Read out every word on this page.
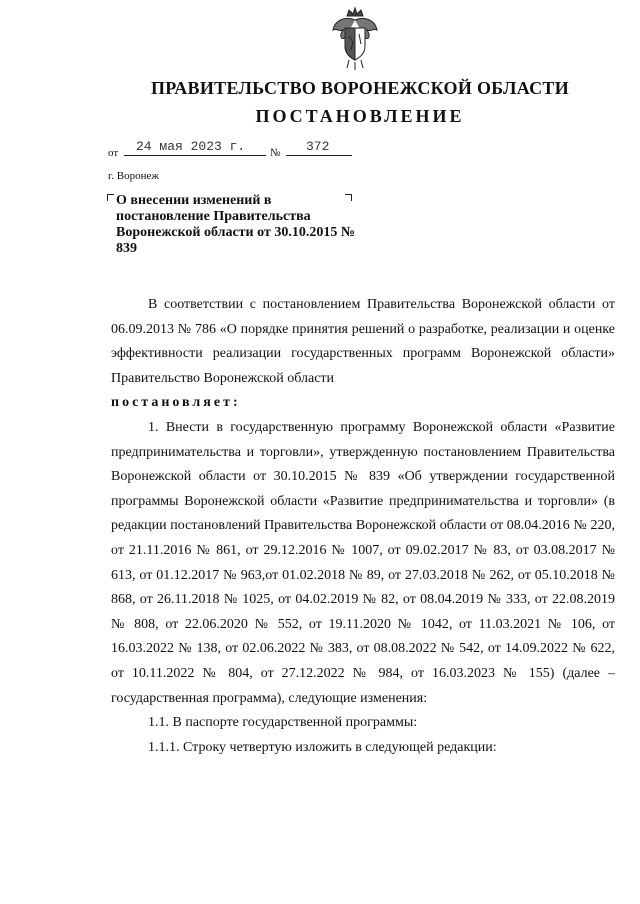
ПРАВИТЕЛЬСТВО ВОРОНЕЖСКОЙ ОБЛАСТИ
ПОСТАНОВЛЕНИЕ
от	24 мая 2023 г.	№	372
г. Воронеж
О внесении изменений в постановление Правительства Воронежской области от 30.10.2015 № 839

В соответствии с постановлением Правительства Воронежской области от 06.09.2013 № 786 «О порядке принятия решений о разработке, реализации и оценке эффективности реализации государственных программ Воронежской области» Правительство Воронежской области

постановляет:

1. Внести в государственную программу Воронежской области «Развитие предпринимательства и торговли», утвержденную постановлением Правительства Воронежской области от 30.10.2015 № 839 «Об утверждении государственной программы Воронежской области «Развитие предпринимательства и торговли» (в редакции постановлений Правительства Воронежской области от 08.04.2016 № 220, от 21.11.2016 № 861, от 29.12.2016 № 1007, от 09.02.2017 № 83, от 03.08.2017 № 613, от 01.12.2017 № 963,от 01.02.2018 № 89, от 27.03.2018 № 262, от 05.10.2018 № 868, от 26.11.2018 № 1025, от 04.02.2019 № 82, от 08.04.2019 № 333, от 22.08.2019 № 808, от 22.06.2020 № 552, от 19.11.2020 № 1042, от 11.03.2021 № 106, от 16.03.2022 № 138, от 02.06.2022 № 383, от 08.08.2022 № 542, от 14.09.2022 № 622, от 10.11.2022 № 804, от 27.12.2022 № 984, от 16.03.2023 № 155) (далее – государственная программа), следующие изменения:

1.1. В паспорте государственной программы:

1.1.1. Строку четвертую изложить в следующей редакции:
